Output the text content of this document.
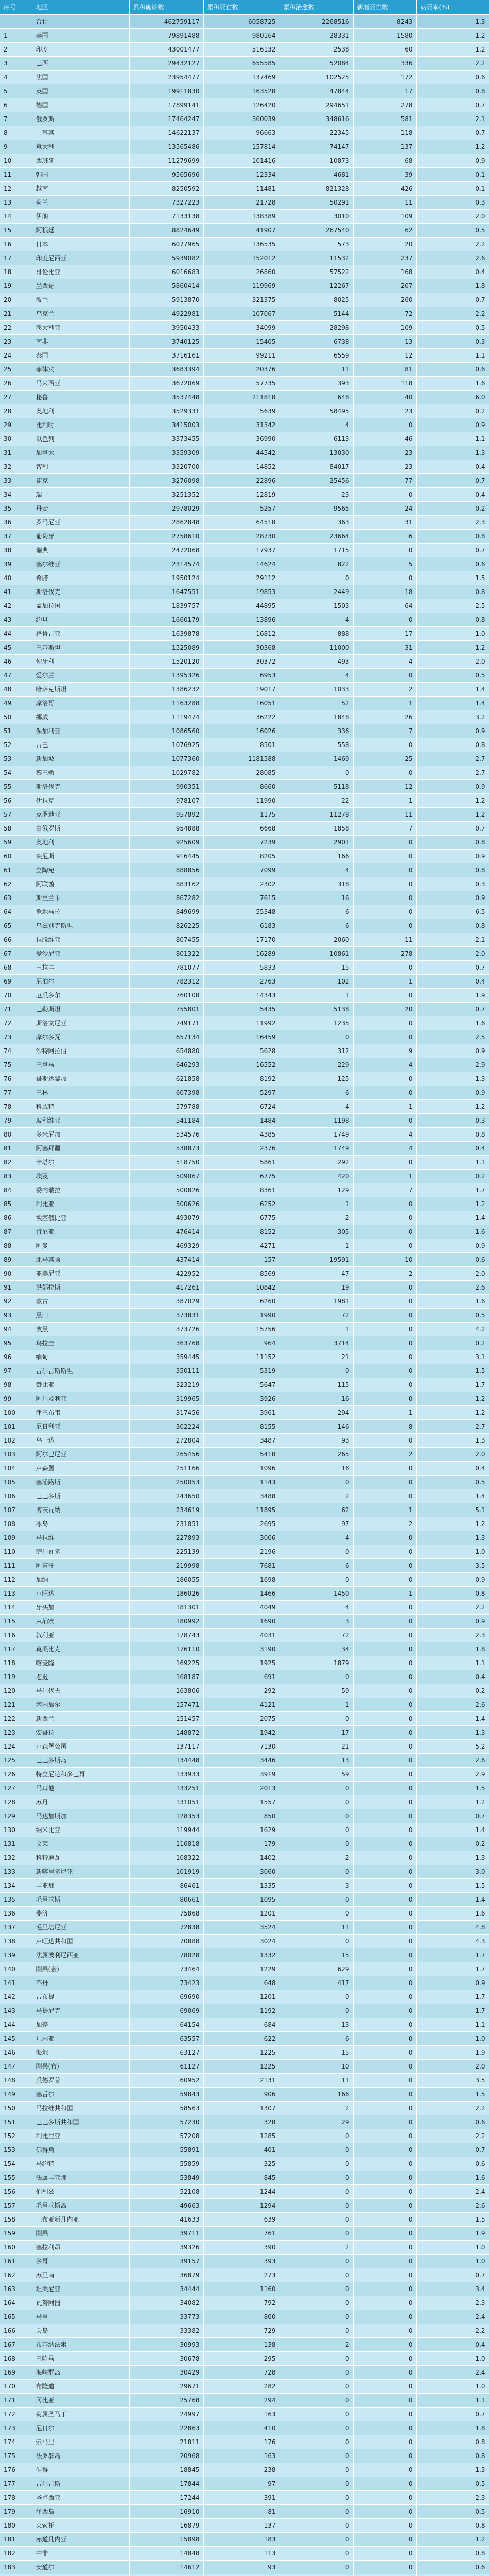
序号	地区	累积确诊数	累积死亡数	累积治愈数	新增死亡数	病死率(%)
	合计	462759117	6058725	2268516	8243	1.3
1	美国	79891488	980164	28331	1580	1.2
2	印度	43001477	516132	2538	60	1.2
3	巴西	29432127	655585	52084	336	2.2
4	法国	23954477	137469	102525	172	0.6
5	英国	19911830	163528	47844	17	0.8
6	德国	17899141	126420	294651	278	0.7
7	俄罗斯	17464247	360039	348616	581	2.1
8	土耳其	14622137	96663	22345	118	0.7
9	意大利	13565486	157814	74147	137	1.2
10	西班牙	11279699	101416	10873	68	0.9
11	韩国	9565696	12334	4681	39	0.1
12	越南	8250592	11481	821328	426	0.1
13	荷兰	7327223	21728	50291	11	0.3
14	伊朗	7133138	138389	3010	109	2.0
15	阿根廷	8824649	41907	267540	62	0.5
16	日本	6077965	136535	573	20	2.2
17	印度尼西亚	5939082	152012	11532	237	2.6
18	哥伦比亚	6016683	26860	57522	168	0.4
19	墨西哥	5860414	119969	12267	207	1.8
20	波兰	5913870	321375	8025	260	0.7
21	乌克兰	4922981	107067	5144	72	2.2
22	澳大利亚	3950433	34099	28298	109	0.5
23	南非	3740125	15405	6738	13	0.3
24	泰国	3716161	99211	6559	12	1.1
25	菲律宾	3683394	20376	11	81	0.6
26	马来西亚	3672069	57735	393	118	1.6
27	秘鲁	3537448	211818	648	40	6.0
28	奥地利	3529331	5639	58495	23	0.2
29	比利时	3415003	31342	4	0	0.9
30	以色列	3373455	36990	6113	46	1.1
31	加拿大	3359309	44542	13030	23	1.3
32	智利	3320700	14852	84017	23	0.4
33	捷克	3276098	22896	25456	77	0.7
34	瑞士	3251352	12819	23	0	0.4
35	丹麦	2978029	5257	9565	24	0.2
36	罗马尼亚	2862848	64518	363	31	2.3
37	葡萄牙	2758610	28730	23664	6	0.8
38	瑞典	2472068	17937	1715	0	0.7
39	塞尔维亚	2314574	14624	822	5	0.6
40	希腊	1950124	29112	0	0	1.5
41	斯洛伐克	1647551	19853	2449	18	0.8
42	孟加拉国	1839757	44895	1503	64	2.5
43	约旦	1660179	13896	4	0	0.8
44	格鲁吉亚	1639878	16812	888	17	1.0
45	巴基斯坦	1525089	30368	11000	31	1.2
46	匈牙利	1520120	30372	493	4	2.0
47	爱尔兰	1395326	6953	4	0	0.5
48	哈萨克斯坦	1386232	19017	1033	2	1.4
49	摩洛哥	1163288	16051	52	1	1.4
50	挪威	1119474	36222	1848	26	3.2
51	保加利亚	1086560	16026	336	7	0.9
52	古巴	1076925	8501	558	0	0.8
53	新加坡	1077360	1181588	1469	25	2.7
54	黎巴嫩	1029782	28085	0	0	2.7
55	斯洛伐克	990351	8660	5118	12	0.9
56	伊拉克	978107	11990	22	1	1.2
57	克罗地亚	957892	1175	11278	11	1.2
58	白俄罗斯	954888	6668	1858	7	0.7
59	奥地利	925609	7239	2901	0	0.8
60	突尼斯	916445	8205	166	0	0.9
61	立陶宛	888856	7099	4	0	0.8
62	阿联酋	883162	2302	318	0	0.3
63	斯里兰卡	867282	7615	16	0	0.9
64	危地马拉	849699	55348	6	0	6.5
65	乌兹别克斯坦	826225	6183	6	0	0.8
66	拉脱维亚	807455	17170	2060	11	2.1
67	爱沙尼亚	801322	16289	10861	278	2.0
68	巴拉圭	781077	5833	15	0	0.7
69	尼泊尔	782312	2763	102	1	0.4
70	厄瓜多尔	760108	14343	1	0	1.9
71	巴勒斯坦	755801	5435	5138	20	0.7
72	斯洛文尼亚	749171	11992	1235	0	1.6
73	摩尔多瓦	657134	16459	0	0	2.5
74	沙特阿拉伯	654880	5628	312	9	0.9
75	巴拿马	646293	16552	229	4	2.9
76	哥斯达黎加	621858	8192	125	0	1.3
77	巴林	607398	5297	6	0	0.9
78	科威特	579788	6724	4	1	1.2
79	玻利维亚	541184	1484	1198	0	0.3
80	多米尼加	534576	4385	1749	4	0.8
81	阿塞拜疆	538873	2376	1749	4	0.4
82	卡塔尔	518750	5861	292	0	1.1
83	埃及	509067	6775	420	1	0.2
84	委内瑞拉	500826	8361	129	7	1.7
85	利比亚	500626	6252	1	0	1.2
86	埃塞俄比亚	493079	6775	2	0	1.4
87	肯尼亚	476414	8152	305	0	1.6
88	阿曼	469329	4271	1	0	0.9
89	北马其顿	437414	157	19591	10	0.6
90	亚美尼亚	422952	8569	47	2	2.0
91	洪都拉斯	417261	10842	19	0	2.6
92	蒙古	387029	6260	1981	0	1.6
93	黑山	373831	1990	72	0	0.5
94	波黑	373726	15756	1	0	4.2
95	乌拉圭	363768	964	3714	0	0.2
96	缅甸	359445	11152	21	0	3.1
97	吉尔吉斯斯坦	350111	5319	0	0	1.5
98	赞比亚	323219	5647	115	0	1.7
99	阿尔及利亚	319965	3926	16	0	1.2
100	津巴布韦	317456	3961	294	1	1.2
101	尼日利亚	302224	8155	146	8	2.7
102	乌干达	272804	3487	93	0	1.3
103	阿尔巴尼亚	265456	5418	265	2	2.0
104	卢森堡	251166	1096	16	0	0.4
105	塞浦路斯	250053	1143	0	0	0.5
106	巴巴多斯	243650	3488	2	0	1.4
107	博茨瓦纳	234619	11895	62	1	5.1
108	冰岛	231851	2695	97	2	1.2
109	马拉维	227893	3006	4	0	1.3
110	萨尔瓦多	225139	2196	0	0	1.0
111	阿富汗	219998	7681	6	0	3.5
112	加纳	186055	1698	0	0	0.9
113	卢旺达	186026	1466	1450	1	0.8
114	牙买加	181301	4049	4	0	2.2
115	柬埔寨	180992	1690	3	0	0.9
116	叙利亚	178743	4031	72	0	2.3
117	莫桑比克	176110	3190	34	0	1.8
118	喀麦隆	169225	1925	1879	0	1.1
119	老挝	168187	691	0	0	0.4
120	马尔代夫	163806	292	59	0	0.2
121	塞内加尔	157471	4121	1	0	2.6
122	新西兰	151457	2075	0	0	1.4
123	安哥拉	148872	1942	17	0	1.3
124	卢森堡公国	137117	7130	21	0	5.2
125	巴巴多斯岛	134448	3446	13	0	2.6
126	特立尼达和多巴哥	133933	3919	59	0	2.9
127	马耳他	133251	2013	0	0	1.5
128	苏丹	131051	1557	0	0	1.2
129	马达加斯加	128353	850	0	0	0.7
130	纳米比亚	119944	1629	0	0	1.4
131	文莱	116818	179	0	0	0.2
132	科特迪瓦	108322	1402	2	0	1.3
133	新喀里多尼亚	101919	3060	0	0	3.0
134	圭亚那	86461	1335	3	0	1.5
135	毛里求斯	80661	1095	0	0	1.4
136	斐济	75868	1201	0	0	1.6
137	毛里塔尼亚	72838	3524	11	0	4.8
138	卢旺达共和国	70888	3024	0	0	4.3
139	法属波利尼西亚	78028	1332	15	0	1.7
140	刚果(金)	73464	1229	629	0	1.7
141	不丹	73423	648	417	0	0.9
142	吉布提	69690	1201	0	0	1.7
143	马提尼克	69069	1192	0	0	1.7
144	加蓬	64154	684	13	0	1.1
145	几内亚	63557	622	6	0	1.0
146	海地	63127	1225	15	0	1.9
147	刚果(布)	61127	1225	10	0	2.0
148	瓜德罗普	60952	2131	11	0	3.5
149	塞舌尔	59843	906	166	0	1.5
150	马拉维共和国	58563	1307	2	0	2.2
151	巴巴多斯共和国	57230	328	29	0	0.6
152	利比里亚	57208	1285	0	0	2.2
153	佛得角	55891	401	0	0	0.7
154	马约特	55859	325	0	0	0.6
155	法属圭亚那	53849	845	0	0	1.6
156	伯利兹	52108	1244	0	0	2.4
157	毛里求斯岛	49663	1294	0	0	2.6
158	巴布亚新几内亚	41633	639	0	0	1.5
159	刚果	39711	761	0	0	1.9
160	塞拉利昂	39326	390	2	0	1.0
161	多哥	39157	393	0	0	1.0
162	苏里南	36879	273	0	0	0.7
163	坦桑尼亚	34444	1160	0	0	3.4
164	瓦努阿图	34082	792	0	0	2.3
165	马里	33773	800	0	0	2.4
166	关岛	33382	729	0	0	2.2
167	布基纳法索	30993	138	2	0	0.4
168	巴哈马	30678	295	0	0	1.0
169	海峡群岛	30429	728	0	0	2.4
170	布隆迪	29671	282	0	0	1.0
171	冈比亚	25768	294	0	0	1.1
172	荷属圣马丁	24997	163	0	0	0.7
173	尼日尔	22863	410	0	0	1.8
174	索马里	21811	176	0	0	0.8
175	法罗群岛	20968	163	0	0	0.8
176	乍得	18845	238	0	0	1.3
177	吉尔吉斯	17844	97	0	0	0.5
178	圣卢西亚	17244	391	0	0	2.3
179	泽西岛	16910	81	0	0	0.5
180	莱索托	16879	137	0	0	0.8
181	赤道几内亚	15898	183	0	0	1.2
182	中非	14848	113	0	0	0.8
183	安道尔	14612	93	0	0	0.6
